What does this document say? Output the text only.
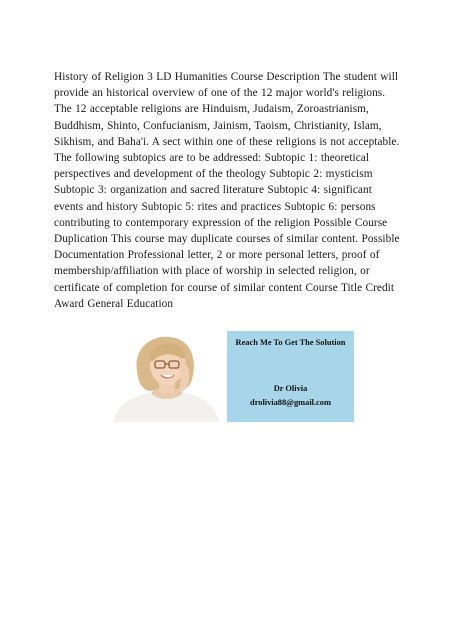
History of Religion 3 LD Humanities Course Description The student will provide an historical overview of one of the 12 major world's religions. The 12 acceptable religions are Hinduism, Judaism, Zoroastrianism, Buddhism, Shinto, Confucianism, Jainism, Taoism, Christianity, Islam, Sikhism, and Baha'i. A sect within one of these religions is not acceptable. The following subtopics are to be addressed: Subtopic 1: theoretical perspectives and development of the theology Subtopic 2: mysticism Subtopic 3: organization and sacred literature Subtopic 4: significant events and history Subtopic 5: rites and practices Subtopic 6: persons contributing to contemporary expression of the religion Possible Course Duplication This course may duplicate courses of similar content. Possible Documentation Professional letter, 2 or more personal letters, proof of membership/affiliation with place of worship in selected religion, or certificate of completion for course of similar content Course Title Credit Award General Education

Reach Me To Get The Solution
Dr Olivia
drolivia88@gmail.com
